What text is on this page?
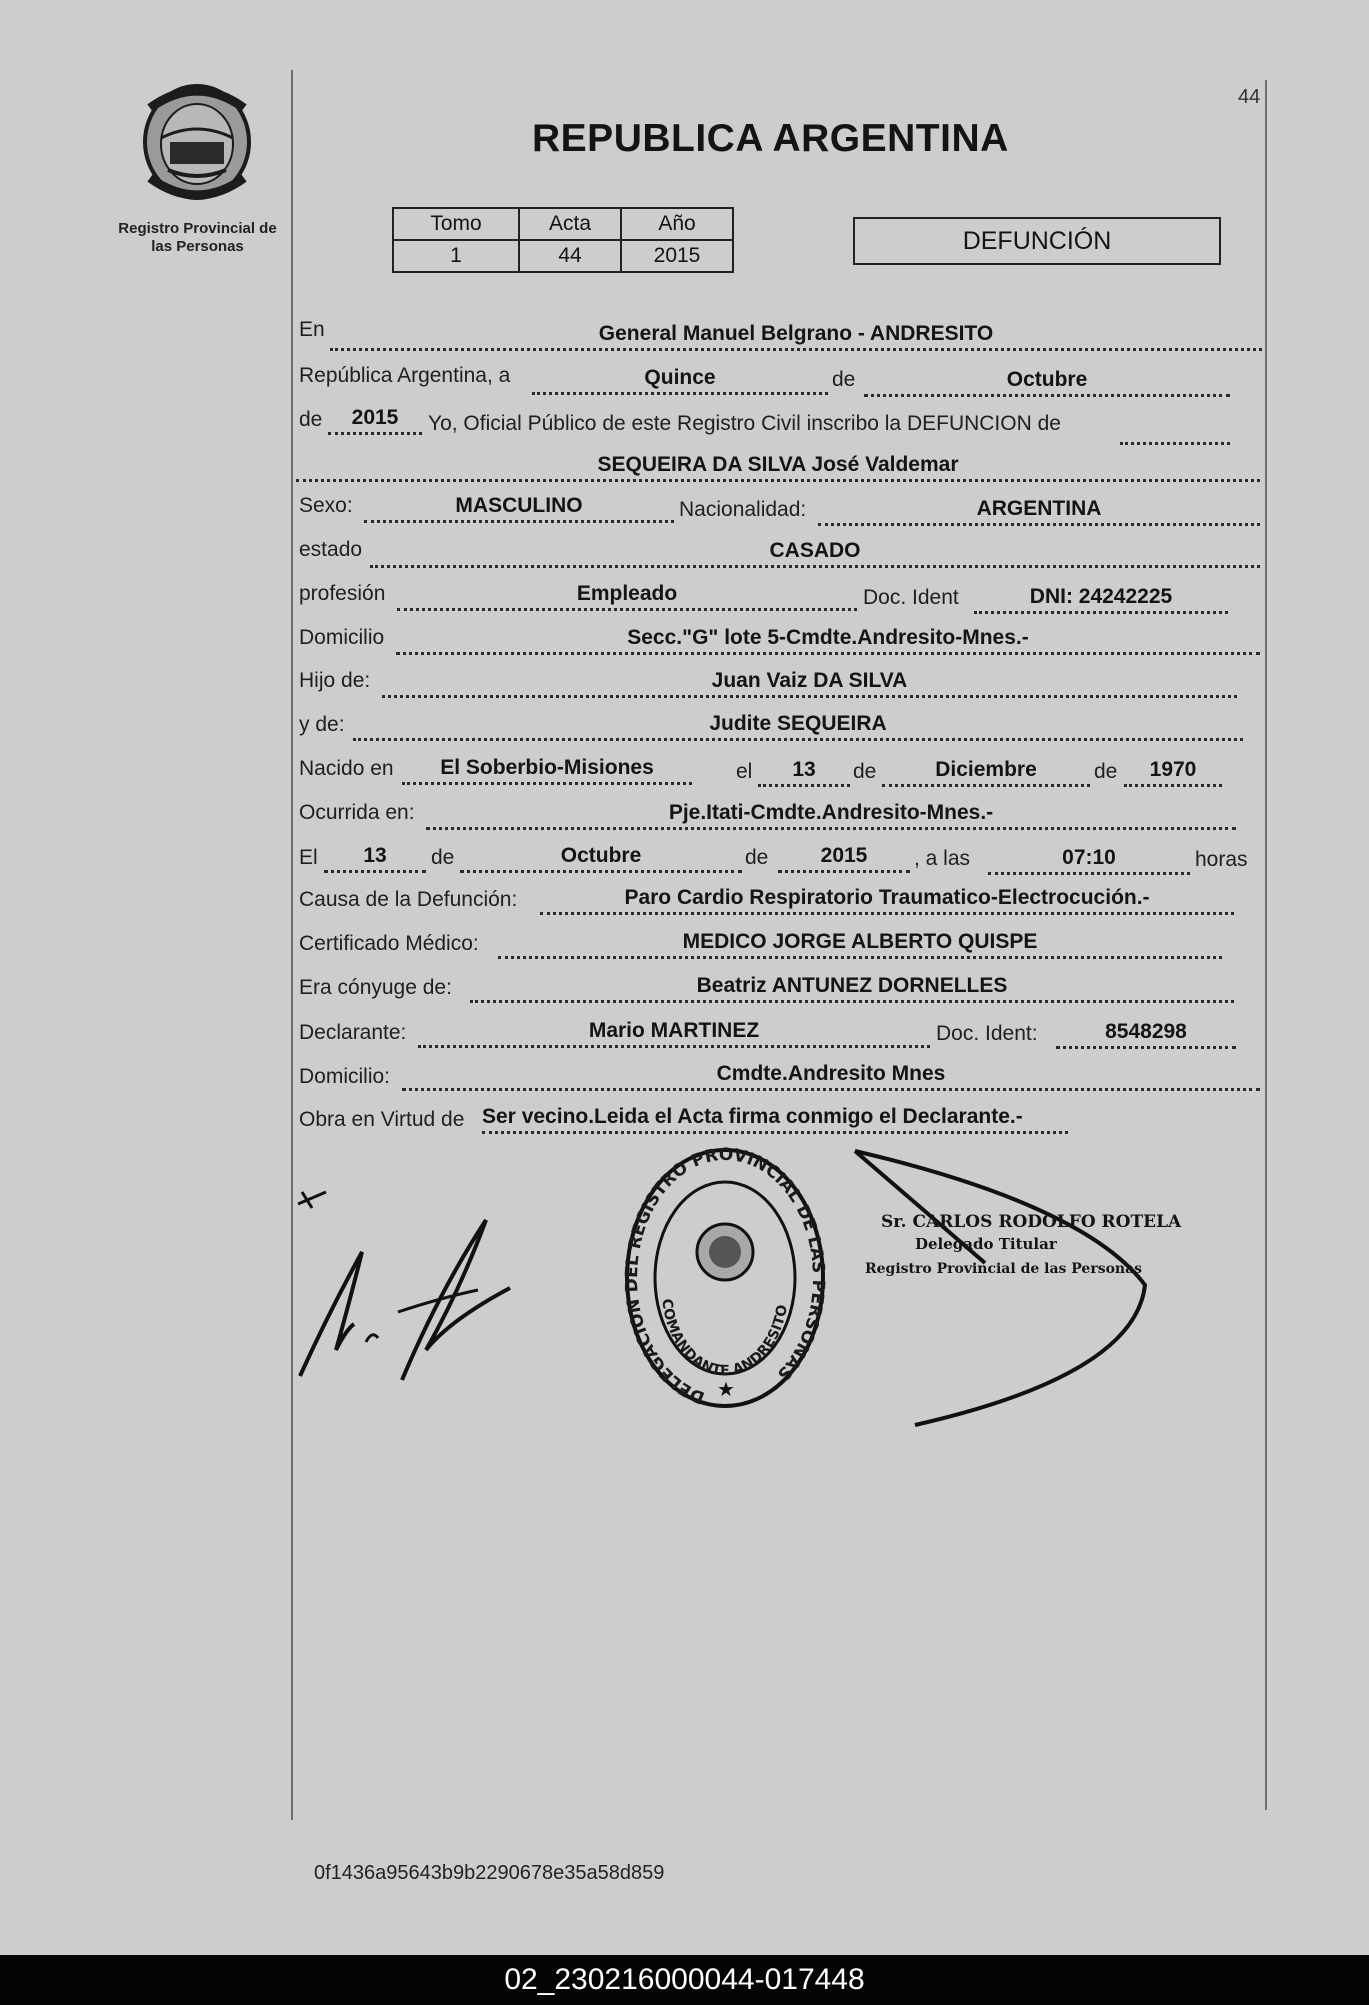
44
Registro Provincial de
las Personas
REPUBLICA ARGENTINA
Tomo	Acta	Año
1	44	2015
DEFUNCIÓN
En	General Manuel Belgrano - ANDRESITO
República Argentina, a	Quince	de	Octubre
de	2015	Yo, Oficial Público de este Registro Civil inscribo la DEFUNCION de
SEQUEIRA DA SILVA José Valdemar
Sexo:	MASCULINO	Nacionalidad:	ARGENTINA
estado	CASADO
profesión	Empleado	Doc. Ident	DNI: 24242225
Domicilio	Secc."G" lote 5-Cmdte.Andresito-Mnes.-
Hijo de:	Juan Vaiz DA SILVA
y de:	Judite SEQUEIRA
Nacido en	El Soberbio-Misiones	el	13	de	Diciembre	de	1970
Ocurrida en:	Pje.Itati-Cmdte.Andresito-Mnes.-
El	13	de	Octubre	de	2015	, a las	07:10	horas
Causa de la Defunción:	Paro Cardio Respiratorio Traumatico-Electrocución.-
Certificado Médico:	MEDICO JORGE ALBERTO QUISPE
Era cónyuge de:	Beatriz ANTUNEZ DORNELLES
Declarante:	Mario MARTINEZ	Doc. Ident:	8548298
Domicilio:	Cmdte.Andresito Mnes
Obra en Virtud de Ser vecino.Leida el Acta firma conmigo el Declarante.-
DELEGACION DEL REGISTRO PROVINCIAL DE LAS PERSONAS
COMANDANTE ANDRESITO
★
Sr. CARLOS RODOLFO ROTELA
Delegado Titular
Registro Provincial de las Personas
0f1436a95643b9b2290678e35a58d859
02_230216000044-017448
